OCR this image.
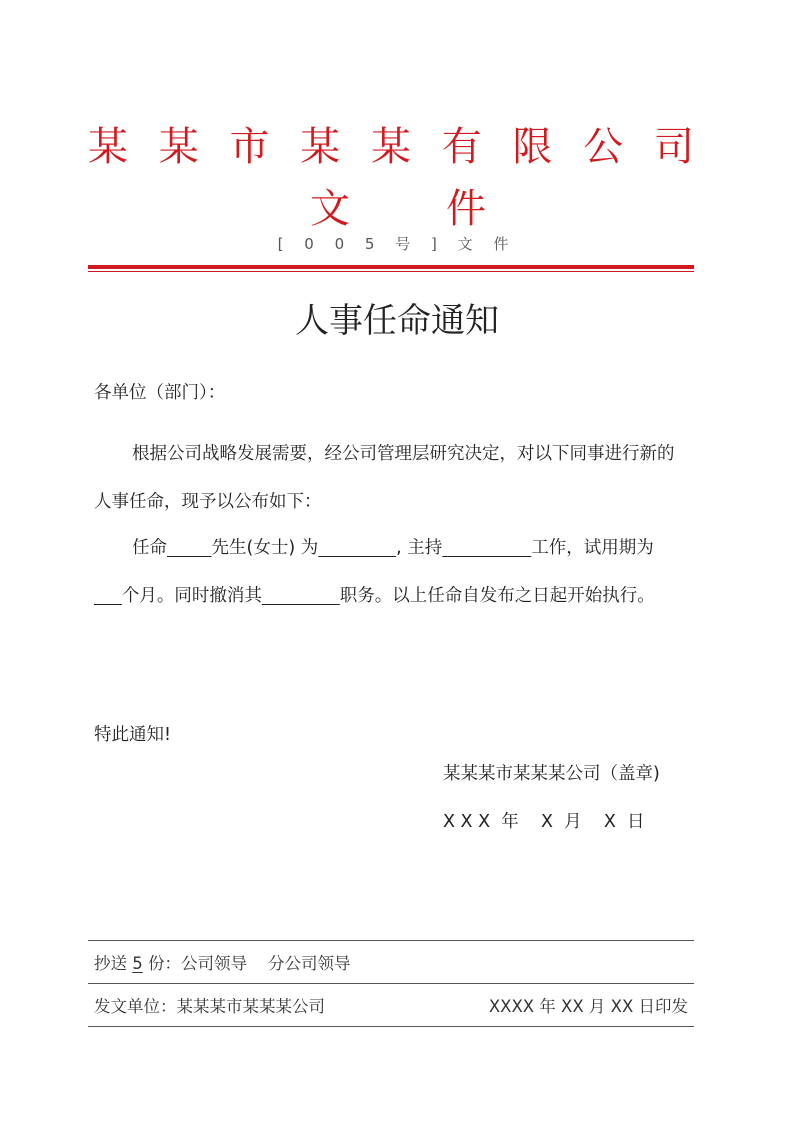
某 某 市 某 某 有 限 公 司
文 件
[ 0 0 5 号 ] 文 件
人事任命通知
各单位（部门）：
根据公司战略发展需要，经公司管理层研究决定，对以下同事进行新的人事任命，现予以公布如下：
任命	先生(女士) 为	, 主持	工作，试用期为     个月。同时撤消其	职务。以上任命自发布之日起开始执行。
特此通知!
某某某市某某某公司（盖章)
X X X  年    X  月    X  日
抄送 5 份：公司领导    分公司领导
发文单位：某某某市某某某公司	XXXX 年 XX 月 XX 日印发
